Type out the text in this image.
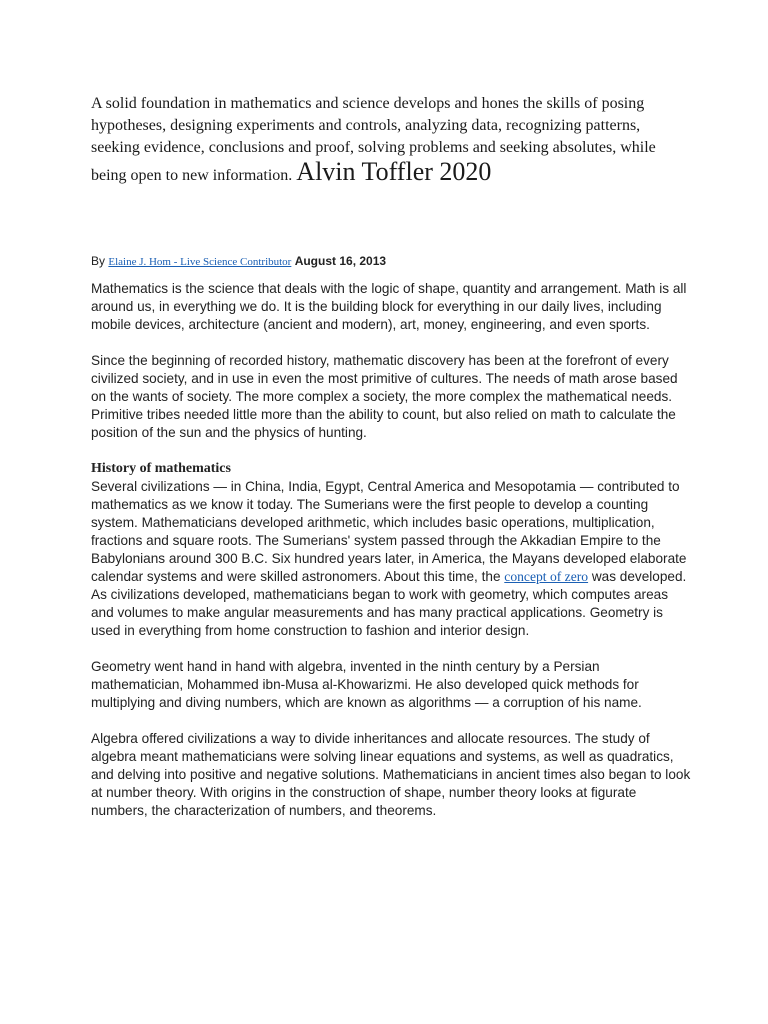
A solid foundation in mathematics and science develops and hones the skills of posing hypotheses, designing experiments and controls, analyzing data, recognizing patterns, seeking evidence, conclusions and proof, solving problems and seeking absolutes, while being open to new information. Alvin Toffler 2020
By Elaine J. Hom - Live Science Contributor August 16, 2013

Mathematics is the science that deals with the logic of shape, quantity and arrangement. Math is all around us, in everything we do. It is the building block for everything in our daily lives, including mobile devices, architecture (ancient and modern), art, money, engineering, and even sports.

Since the beginning of recorded history, mathematic discovery has been at the forefront of every civilized society, and in use in even the most primitive of cultures. The needs of math arose based on the wants of society. The more complex a society, the more complex the mathematical needs. Primitive tribes needed little more than the ability to count, but also relied on math to calculate the position of the sun and the physics of hunting.

History of mathematics

Several civilizations — in China, India, Egypt, Central America and Mesopotamia — contributed to mathematics as we know it today. The Sumerians were the first people to develop a counting system. Mathematicians developed arithmetic, which includes basic operations, multiplication, fractions and square roots. The Sumerians' system passed through the Akkadian Empire to the Babylonians around 300 B.C. Six hundred years later, in America, the Mayans developed elaborate calendar systems and were skilled astronomers. About this time, the concept of zero was developed.

As civilizations developed, mathematicians began to work with geometry, which computes areas and volumes to make angular measurements and has many practical applications. Geometry is used in everything from home construction to fashion and interior design.

Geometry went hand in hand with algebra, invented in the ninth century by a Persian mathematician, Mohammed ibn-Musa al-Khowarizmi. He also developed quick methods for multiplying and diving numbers, which are known as algorithms — a corruption of his name.

Algebra offered civilizations a way to divide inheritances and allocate resources. The study of algebra meant mathematicians were solving linear equations and systems, as well as quadratics, and delving into positive and negative solutions. Mathematicians in ancient times also began to look at number theory. With origins in the construction of shape, number theory looks at figurate numbers, the characterization of numbers, and theorems.
